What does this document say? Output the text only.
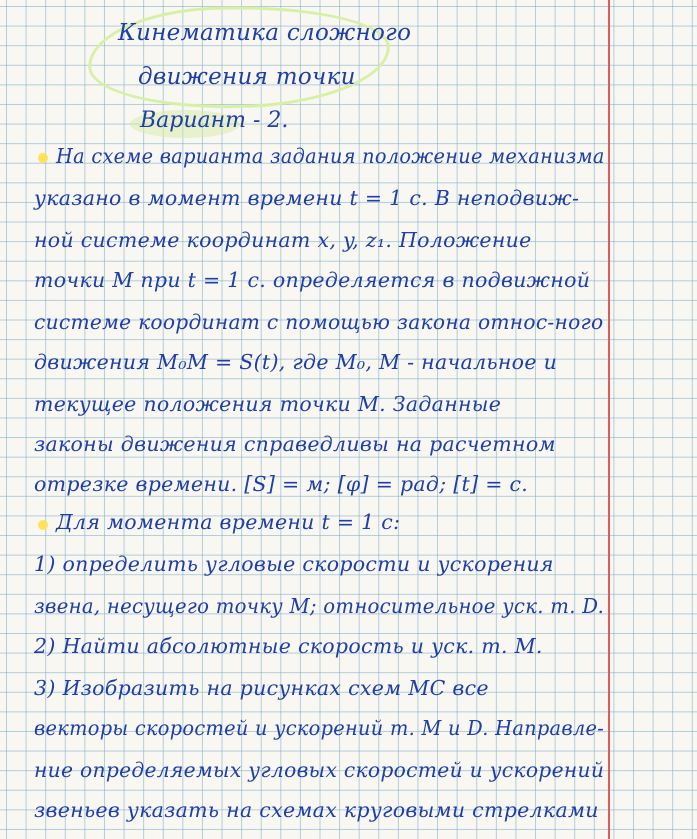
Кинематика сложного
движения точки
Вариант - 2.
На схеме варианта задания положение механизма
указано в момент времени t = 1 с. В неподвиж-
ной системе координат x, y, z₁. Положение
точки M при t = 1 с. определяется в подвижной
системе координат с помощью закона относ-ного
движения M₀M = S(t), где M₀, M - начальное и
текущее положения точки M. Заданные
законы движения справедливы на расчетном
отрезке времени. [S] = м; [φ] = рад; [t] = с.
Для момента времени t = 1 с:
1) определить угловые скорости и ускорения
звена, несущего точку M; относительное уск. т. D.
2) Найти абсолютные скорость и уск. т. M.
3) Изобразить на рисунках схем MC все
векторы скоростей и ускорений т. M и D. Направле-
ние определяемых угловых скоростей и ускорений
звеньев указать на схемах круговыми стрелками
